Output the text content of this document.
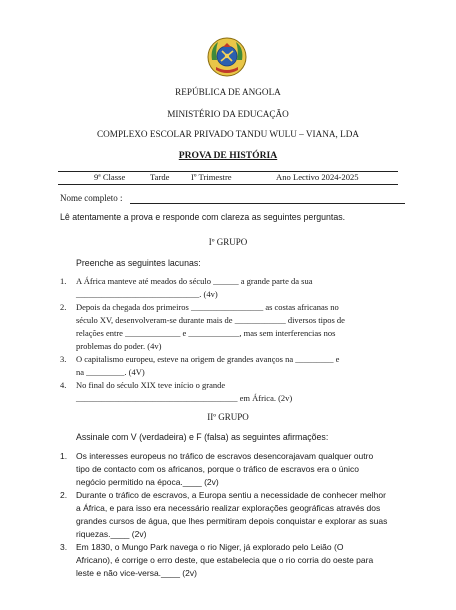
REPÚBLICA DE ANGOLA
MINISTÉRIO DA EDUCAÇÃO
COMPLEXO ESCOLAR PRIVADO TANDU WULU – VIANA, LDA
PROVA DE HISTÓRIA
9ª Classe	Tarde	Iº Trimestre	Ano Lectivo 2024-2025
Nome completo :
Lê atentamente a prova e responde com clareza as seguintes perguntas.
Iº GRUPO
Preenche as seguintes lacunas:
1. A África manteve até meados do século ______ a grande parte da sua
_____________________________. (4v)
2. Depois da chegada dos primeiros _________________ as costas africanas no
século XV, desenvolveram-se durante mais de ____________ diversos tipos de
relações entre _____________ e ____________, mas sem interferencias nos
problemas do poder. (4v)
3. O capitalismo europeu, esteve na origem de grandes avanços na _________ e
na _________. (4V)
4. No final do século XIX teve início o grande
______________________________________ em África. (2v)
IIº GRUPO
Assinale com V (verdadeira) e F (falsa) as seguintes afirmações:
1. Os interesses europeus no tráfico de escravos desencorajavam qualquer outro
tipo de contacto com os africanos, porque o tráfico de escravos era o único
negócio permitido na época.____ (2v)
2. Durante o tráfico de escravos, a Europa sentiu a necessidade de conhecer melhor
a África, e para isso era necessário realizar explorações geográficas através dos
grandes cursos de água, que lhes permitiram depois conquistar e explorar as suas
riquezas.____ (2v)
3. Em 1830, o Mungo Park navega o rio Niger, já explorado pelo Leião (O
Africano), é corrige o erro deste, que estabelecia que o rio corria do oeste para
leste e não vice-versa.____ (2v)
